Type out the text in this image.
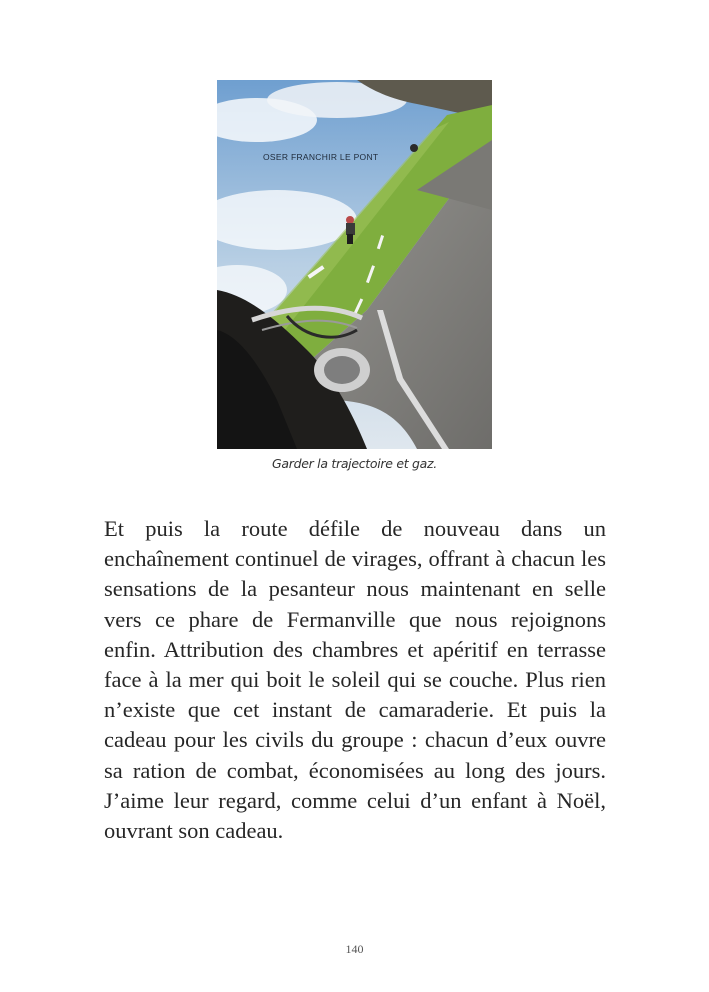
OSER FRANCHIR LE PONT
Garder la trajectoire et gaz.

Et puis la route défile de nouveau dans un enchaînement continuel de virages, offrant à chacun les sensations de la pesanteur nous maintenant en selle vers ce phare de Fermanville que nous rejoignons enfin. Attribution des chambres et apéritif en terrasse face à la mer qui boit le soleil qui se couche. Plus rien n’existe que cet instant de camaraderie. Et puis la cadeau pour les civils du groupe : chacun d’eux ouvre sa ration de combat, économisées au long des jours. J’aime leur regard, comme celui d’un enfant à Noël, ouvrant son cadeau.

140
